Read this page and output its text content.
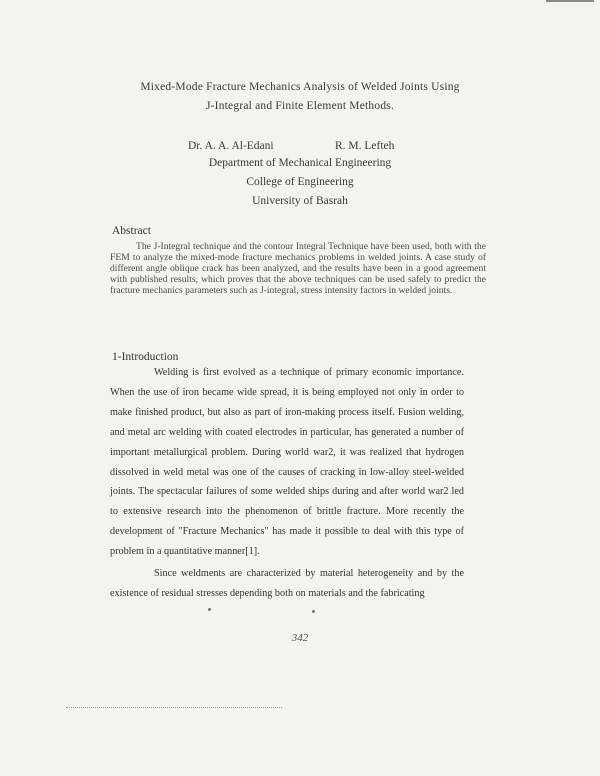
Mixed-Mode Fracture Mechanics Analysis of Welded Joints Using
J-Integral and Finite Element Methods.
Dr. A. A. Al-Edani	R. M. Lefteh
Department of Mechanical Engineering
College of Engineering
University of Basrah
Abstract

The J-Integral technique and the contour Integral Technique have been used, both with the FEM to analyze the mixed-mode fracture mechanics problems in welded joints. A case study of different angle oblique crack has been analyzed, and the results have been in a good agreement with published results, which proves that the above techniques can be used safely to predict the fracture mechanics parameters such as J-integral, stress intensity factors in welded joints.

1-Introduction

Welding is first evolved as a technique of primary economic importance. When the use of iron became wide spread, it is being employed not only in order to make finished product, but also as part of iron-making process itself. Fusion welding, and metal arc welding with coated electrodes in particular, has generated a number of important metallurgical problem. During world war2, it was realized that hydrogen dissolved in weld metal was one of the causes of cracking in low-alloy steel-welded joints. The spectacular failures of some welded ships during and after world war2 led to extensive research into the phenomenon of brittle fracture. More recently the development of "Fracture Mechanics" has made it possible to deal with this type of problem in a quantitative manner[1].

Since weldments are characterized by material heterogeneity and by the existence of residual stresses depending both on materials and the fabricating

342
